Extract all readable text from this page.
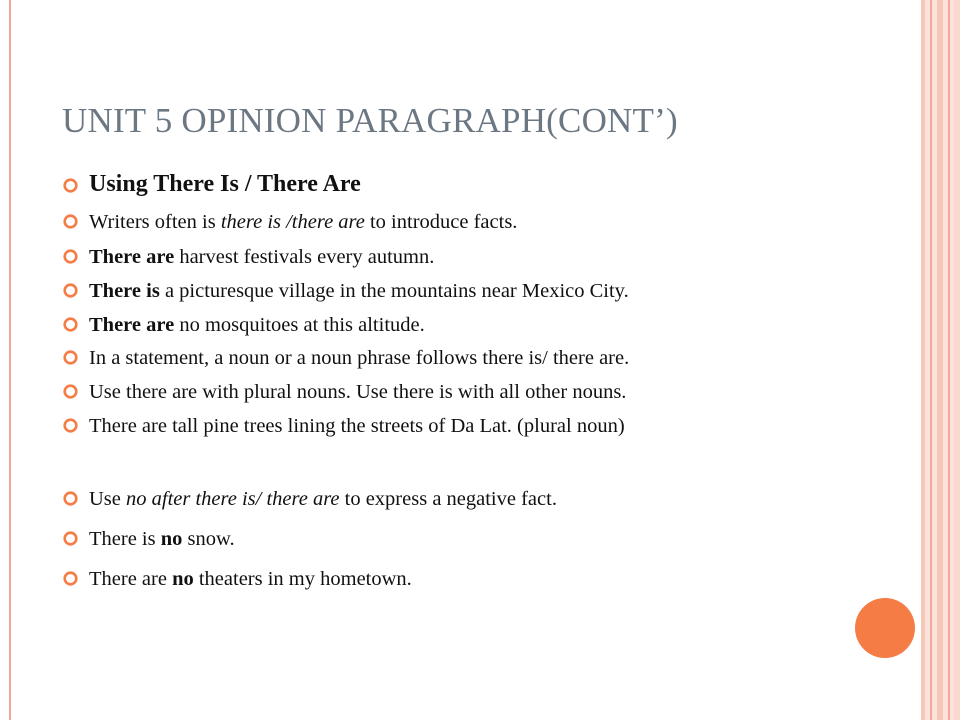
UNIT 5 OPINION PARAGRAPH(CONT’)
Using There Is / There Are
Writers often is there is /there are to introduce facts.
There are harvest festivals every autumn.
There is a picturesque village in the mountains near Mexico City.
There are no mosquitoes at this altitude.
In a statement, a noun or a noun phrase follows there is/ there are.
Use there are with plural nouns. Use there is with all other nouns.
There are tall pine trees lining the streets of Da Lat. (plural noun)
Use no after there is/ there are to express a negative fact.
There is no snow.
There are no theaters in my hometown.
